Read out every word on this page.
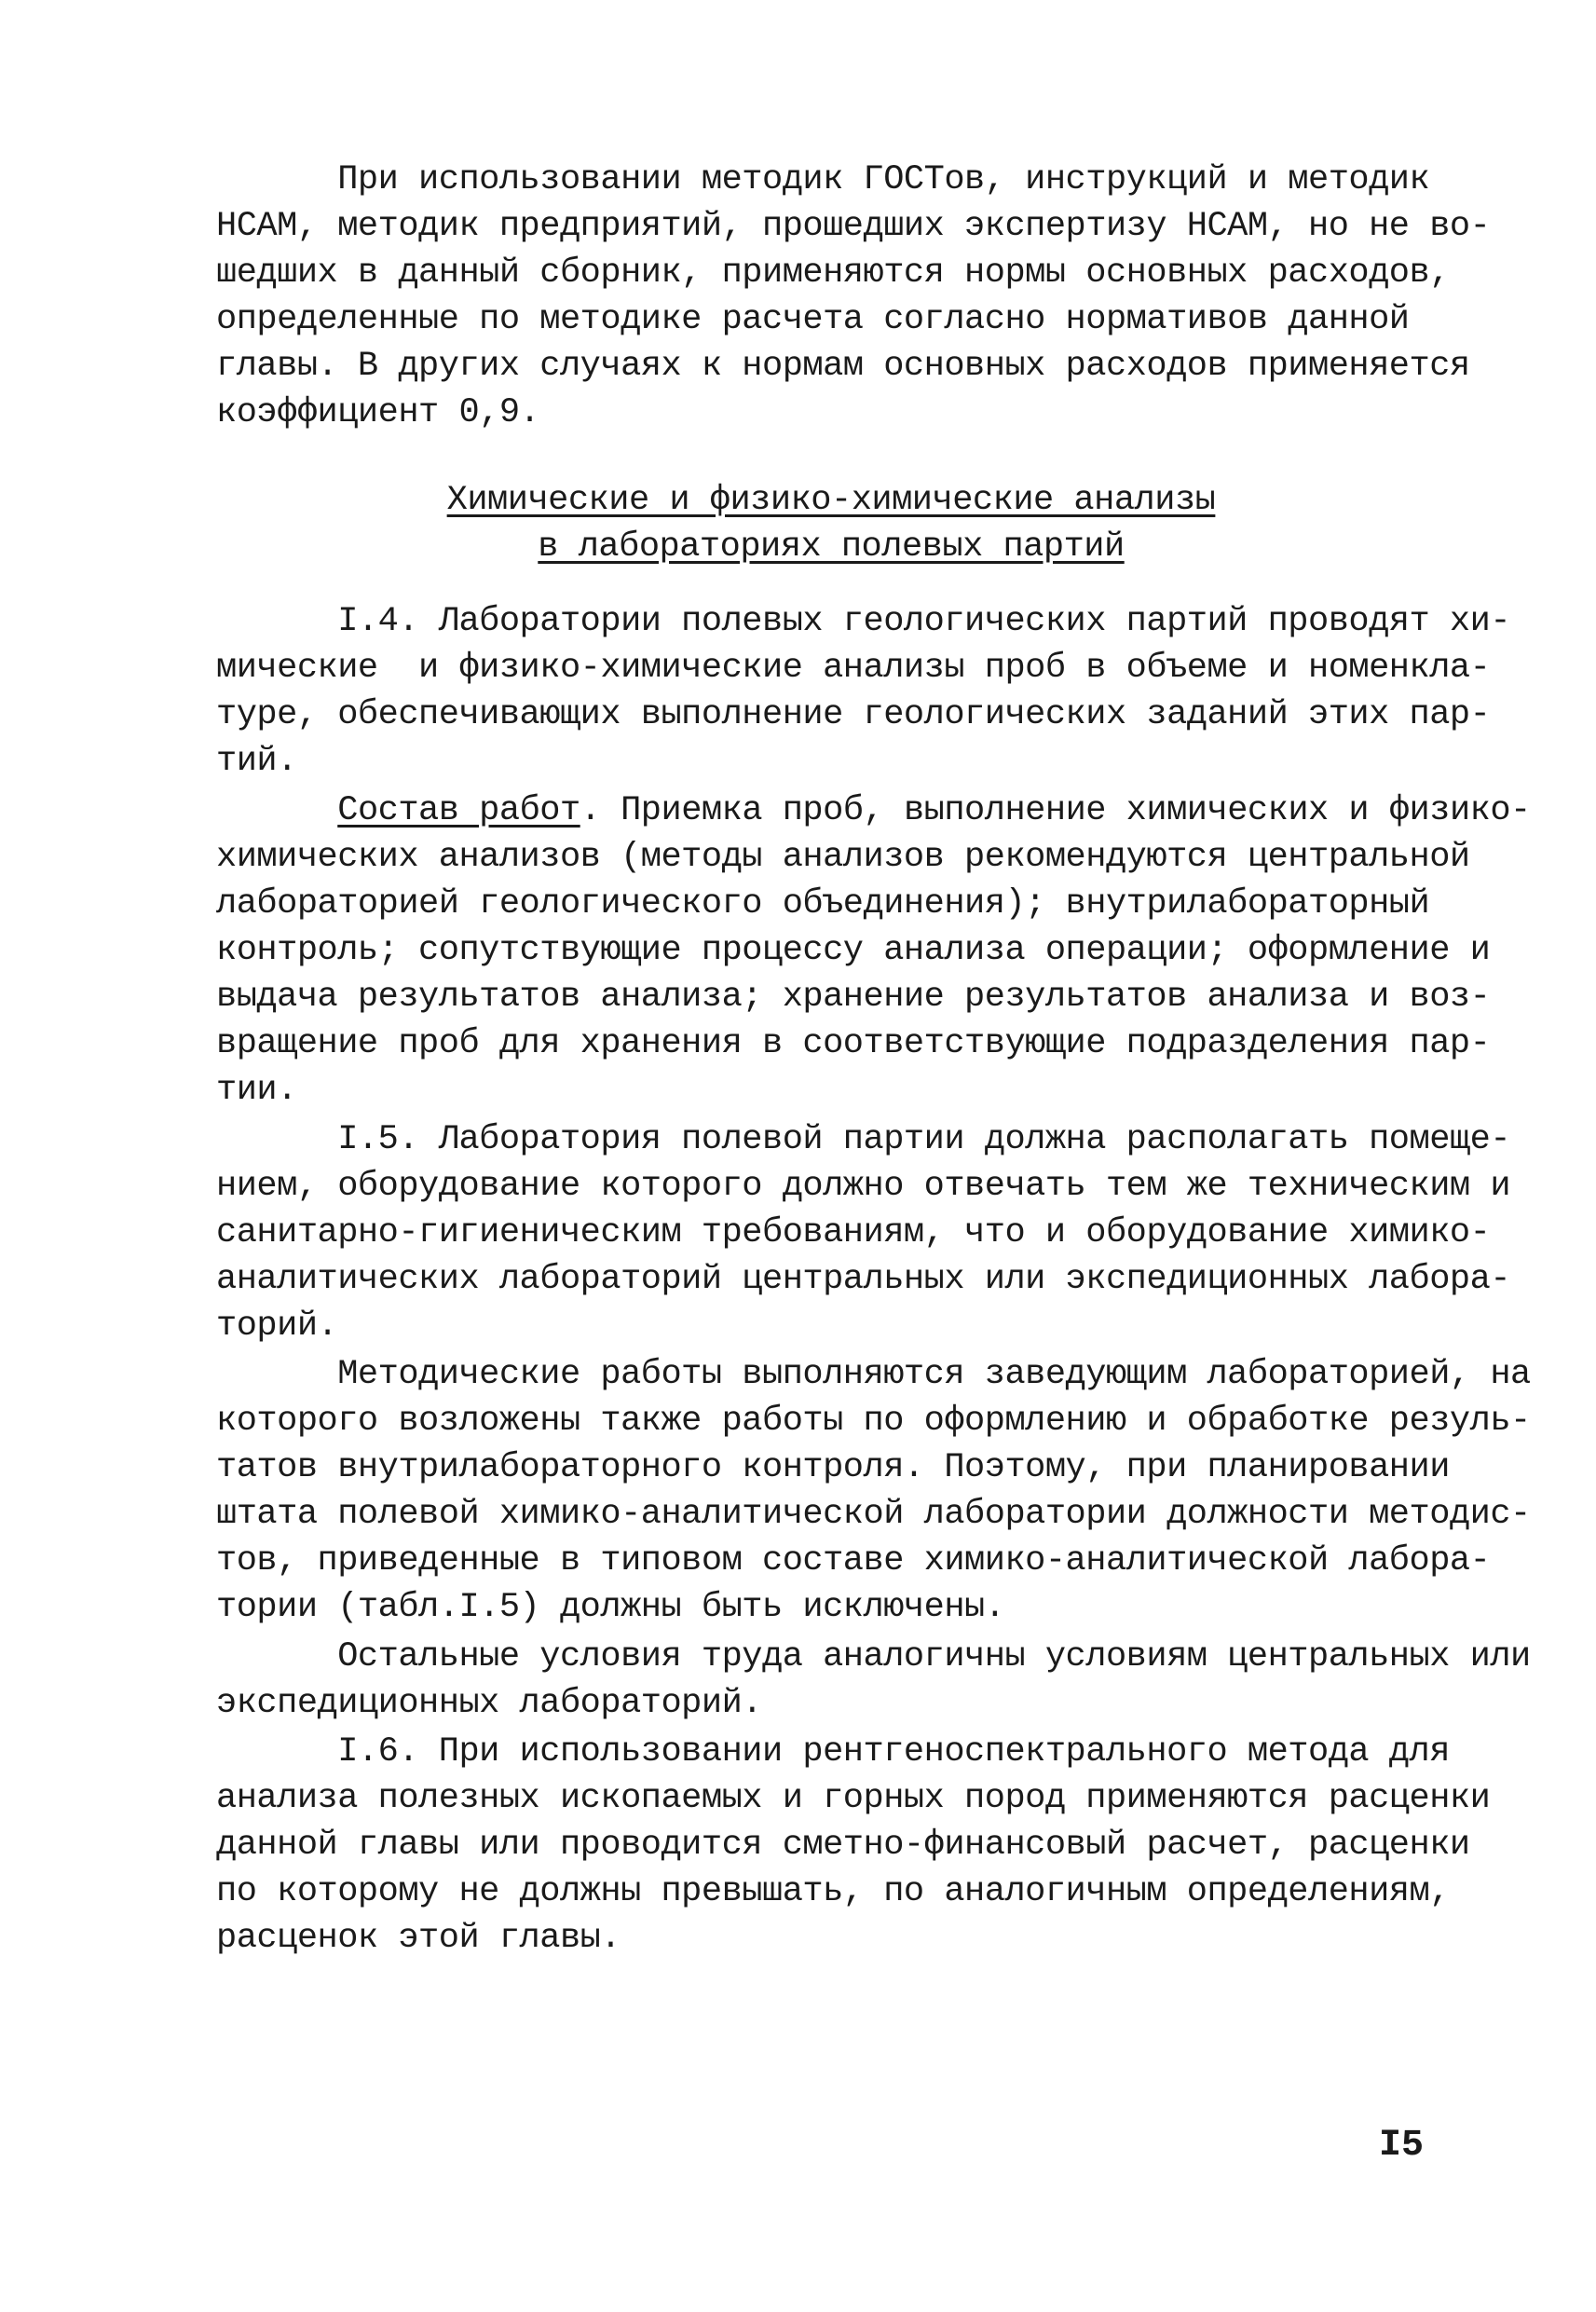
При использовании методик ГОСТов, инструкций и методик
НСАМ, методик предприятий, прошедших экспертизу НСАМ, но не во-
шедших в данный сборник, применяются нормы основных расходов,
определенные по методике расчета согласно нормативов данной
главы. В других случаях к нормам основных расходов применяется
коэффициент 0,9.
Химические и физико-химические анализы
в лабораториях полевых партий
I.4. Лаборатории полевых геологических партий проводят хи-
мические  и физико-химические анализы проб в объеме и номенкла-
туре, обеспечивающих выполнение геологических заданий этих пар-
тий.
Состав работ. Приемка проб, выполнение химических и физико-
химических анализов (методы анализов рекомендуются центральной
лабораторией геологического объединения); внутрилабораторный
контроль; сопутствующие процессу анализа операции; оформление и
выдача результатов анализа; хранение результатов анализа и воз-
вращение проб для хранения в соответствующие подразделения пар-
тии.
I.5. Лаборатория полевой партии должна располагать помеще-
нием, оборудование которого должно отвечать тем же техническим и
санитарно-гигиеническим требованиям, что и оборудование химико-
аналитических лабораторий центральных или экспедиционных лабора-
торий.
Методические работы выполняются заведующим лабораторией, на
которого возложены также работы по оформлению и обработке резуль-
татов внутрилабораторного контроля. Поэтому, при планировании
штата полевой химико-аналитической лаборатории должности методис-
тов, приведенные в типовом составе химико-аналитической лабора-
тории (табл.I.5) должны быть исключены.
Остальные условия труда аналогичны условиям центральных или
экспедиционных лабораторий.
I.6. При использовании рентгеноспектрального метода для
анализа полезных ископаемых и горных пород применяются расценки
данной главы или проводится сметно-финансовый расчет, расценки
по которому не должны превышать, по аналогичным определениям,
расценок этой главы.
I5
